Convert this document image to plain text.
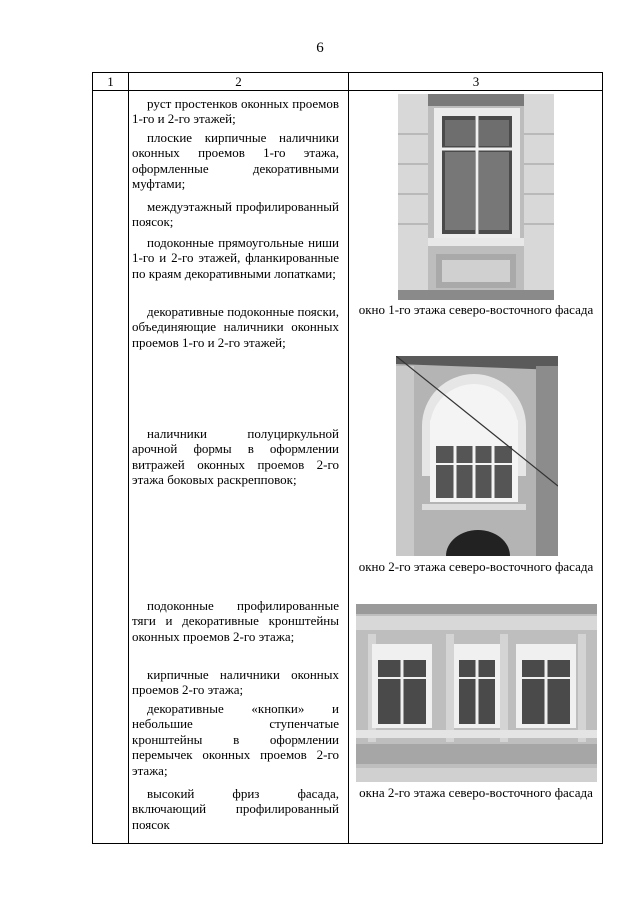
6
1	2	3

руст простенков оконных проемов 1-го и 2-го этажей;

плоские кирпичные наличники оконных проемов 1-го этажа, оформленные декоративными муфтами;

междуэтажный профилированный поясок;

подоконные прямоугольные ниши 1-го и 2-го этажей, фланкированные по краям декоративными лопатками;

декоративные подоконные пояски, объединяющие наличники оконных проемов 1-го и 2-го этажей;

наличники полуциркульной арочной формы в оформлении витражей оконных проемов 2-го этажа боковых раскрепповок;

подоконные профилированные тяги и декоративные кронштейны оконных проемов 2-го этажа;

кирпичные наличники оконных проемов 2-го этажа;

декоративные «кнопки» и небольшие ступенчатые кронштейны в оформлении перемычек оконных проемов 2-го этажа;

высокий фриз фасада, включающий профилированный поясок

окно 1-го этажа северо-восточного фасада
окно 2-го этажа северо-восточного фасада
окна 2-го этажа северо-восточного фасада
